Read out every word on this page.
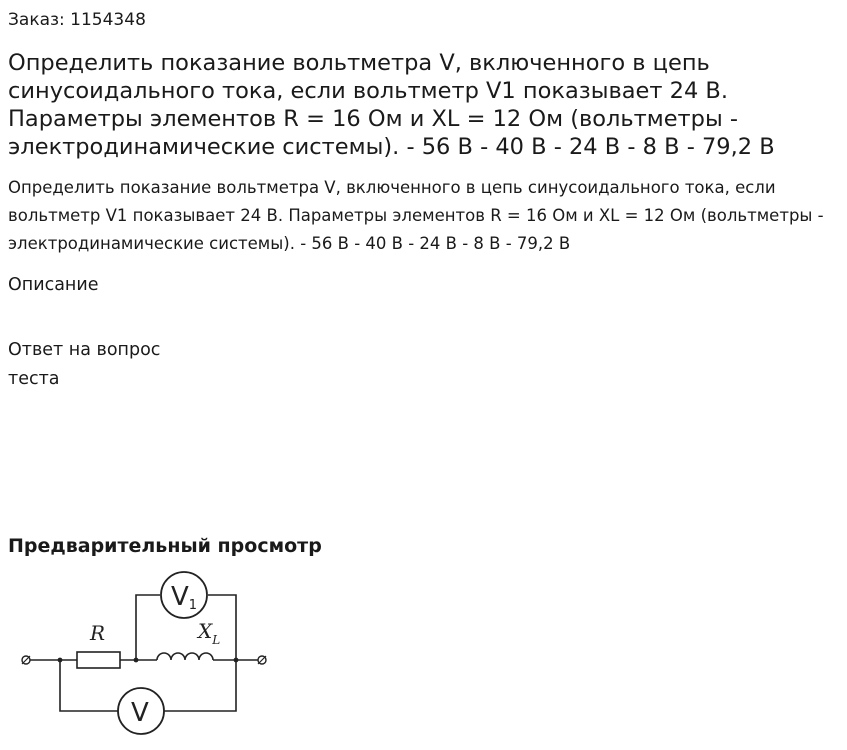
Заказ: 1154348
Определить показание вольтметра V, включенного в цепь синусоидального тока, если вольтметр V1 показывает 24 В. Параметры элементов R = 16 Ом и XL = 12 Ом (вольтметры - электродинамические системы). - 56 В - 40 В - 24 В - 8 В - 79,2 В

Определить показание вольтметра V, включенного в цепь синусоидального тока, если вольтметр V1 показывает 24 В. Параметры элементов R = 16 Ом и XL = 12 Ом (вольтметры - электродинамические системы). - 56 В - 40 В - 24 В - 8 В - 79,2 В

Описание
Ответ на вопрос теста
Предварительный просмотр
R	$X_L$
V1
V
